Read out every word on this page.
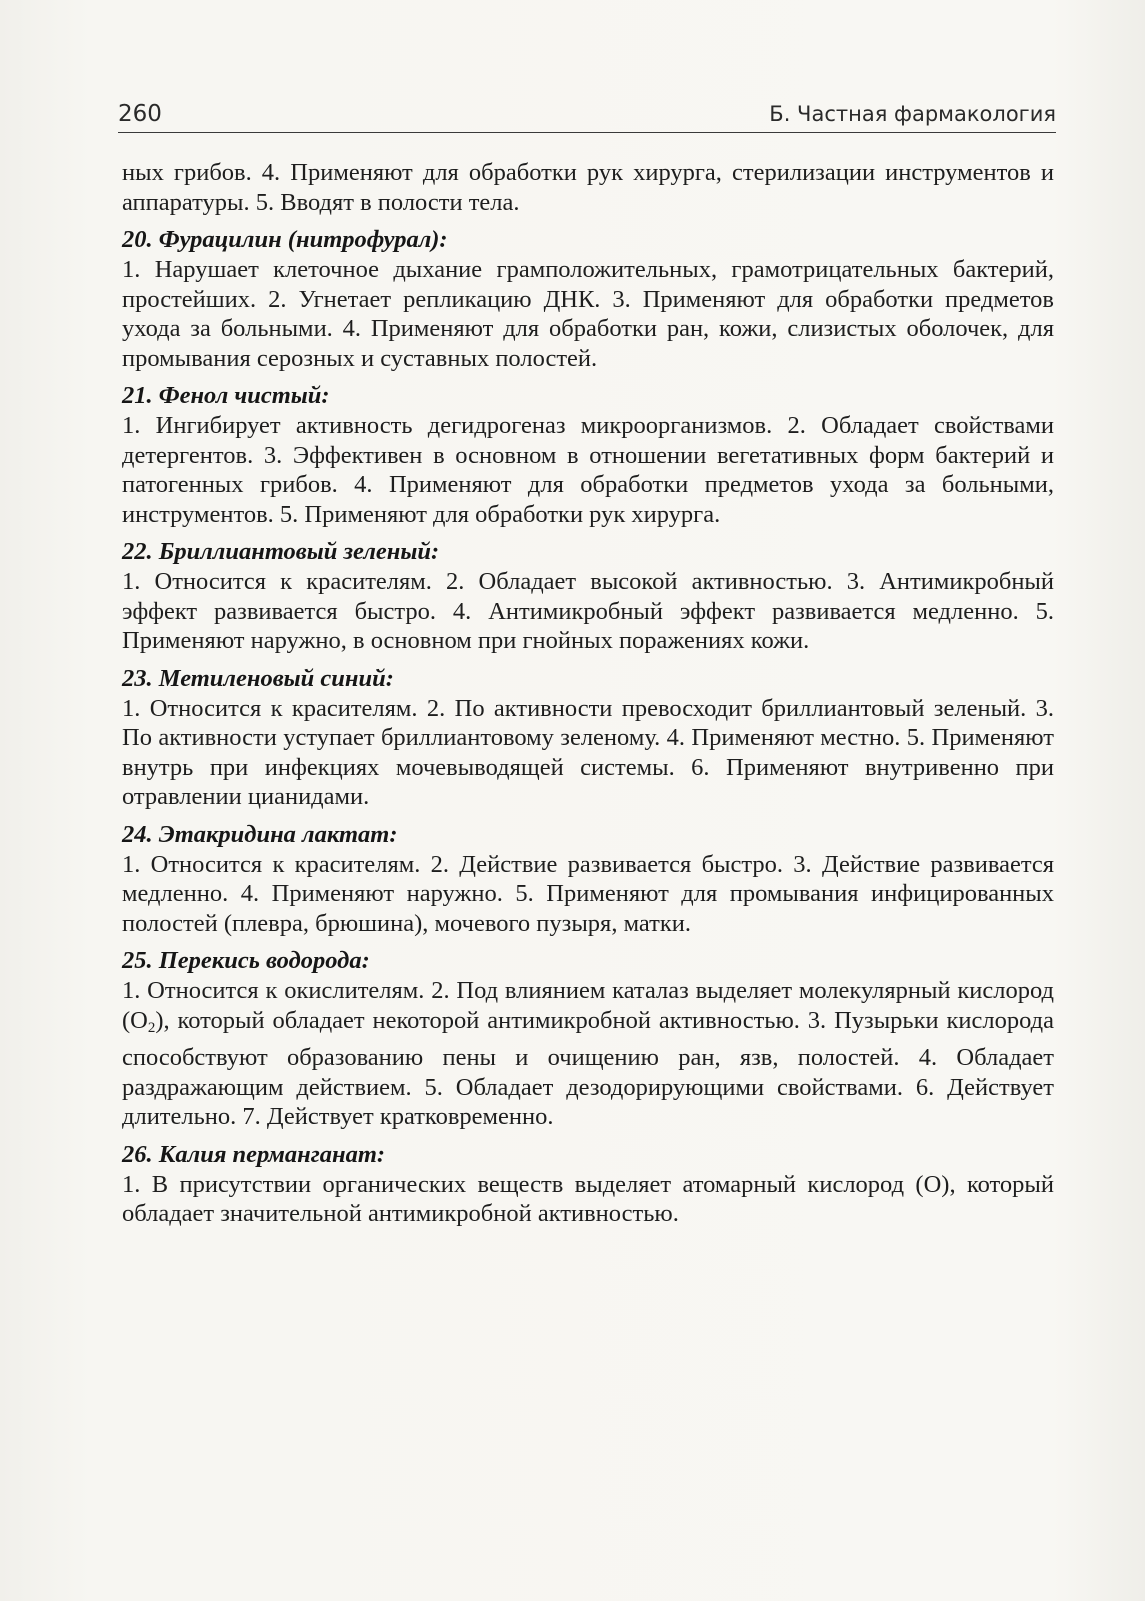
260	Б. Частная фармакология

ных грибов. 4. Применяют для обработки рук хирурга, стерилизации инструментов и аппаратуры. 5. Вводят в полости тела.

20. Фурацилин (нитрофурал):

1. Нарушает клеточное дыхание грамположительных, грамотрицательных бактерий, простейших. 2. Угнетает репликацию ДНК. 3. Применяют для обработки предметов ухода за больными. 4. Применяют для обработки ран, кожи, слизистых оболочек, для промывания серозных и суставных полостей.

21. Фенол чистый:

1. Ингибирует активность дегидрогеназ микроорганизмов. 2. Обладает свойствами детергентов. 3. Эффективен в основном в отношении вегетативных форм бактерий и патогенных грибов. 4. Применяют для обработки предметов ухода за больными, инструментов. 5. Применяют для обработки рук хирурга.

22. Бриллиантовый зеленый:

1. Относится к красителям. 2. Обладает высокой активностью. 3. Антимикробный эффект развивается быстро. 4. Антимикробный эффект развивается медленно. 5. Применяют наружно, в основном при гнойных поражениях кожи.

23. Метиленовый синий:

1. Относится к красителям. 2. По активности превосходит бриллиантовый зеленый. 3. По активности уступает бриллиантовому зеленому. 4. Применяют местно. 5. Применяют внутрь при инфекциях мочевыводящей системы. 6. Применяют внутривенно при отравлении цианидами.

24. Этакридина лактат:

1. Относится к красителям. 2. Действие развивается быстро. 3. Действие развивается медленно. 4. Применяют наружно. 5. Применяют для промывания инфицированных полостей (плевра, брюшина), мочевого пузыря, матки.

25. Перекись водорода:

1. Относится к окислителям. 2. Под влиянием каталаз выделяет молекулярный кислород $(O_2)$, который обладает некоторой антимикробной активностью. 3. Пузырьки кислорода способствуют образованию пены и очищению ран, язв, полостей. 4. Обладает раздражающим действием. 5. Обладает дезодорирующими свойствами. 6. Действует длительно. 7. Действует кратковременно.

26. Калия перманганат:

1. В присутствии органических веществ выделяет атомарный кислород (O), который обладает значительной антимикробной активностью.
